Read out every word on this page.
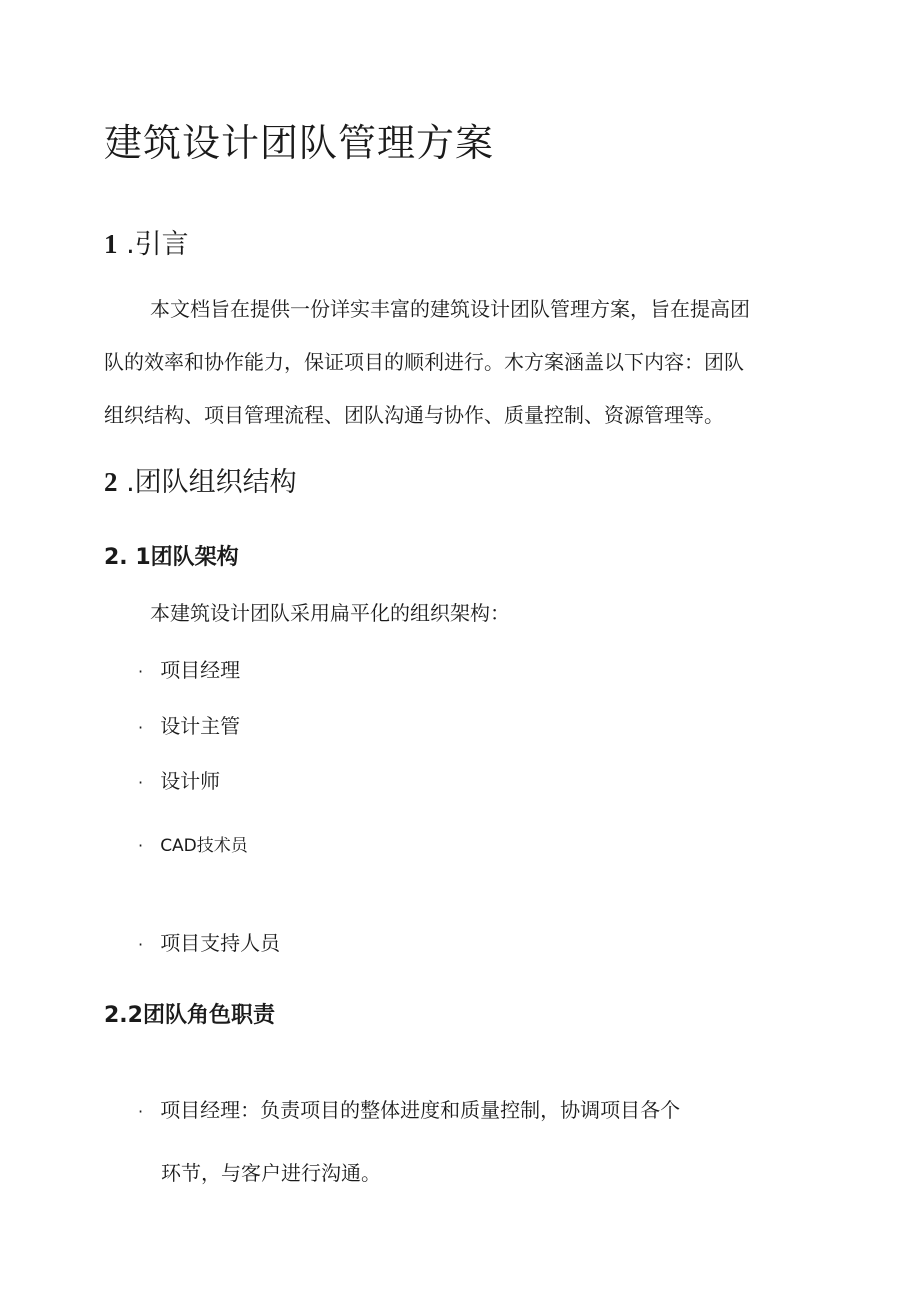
建筑设计团队管理方案
1 .引言

本文档旨在提供一份详实丰富的建筑设计团队管理方案，旨在提高团
队的效率和协作能力，保证项目的顺利进行。木方案涵盖以下内容：团队
组织结构、项目管理流程、团队沟通与协作、质量控制、资源管理等。

2 .团队组织结构
2. 1团队架构
本建筑设计团队采用扁平化的组织架构：
· 项目经理
· 设计主管
· 设计师
· CAD技术员
· 项目支持人员
2.2团队角色职责
· 项目经理：负责项目的整体进度和质量控制，协调项目各个
环节，与客户进行沟通。
